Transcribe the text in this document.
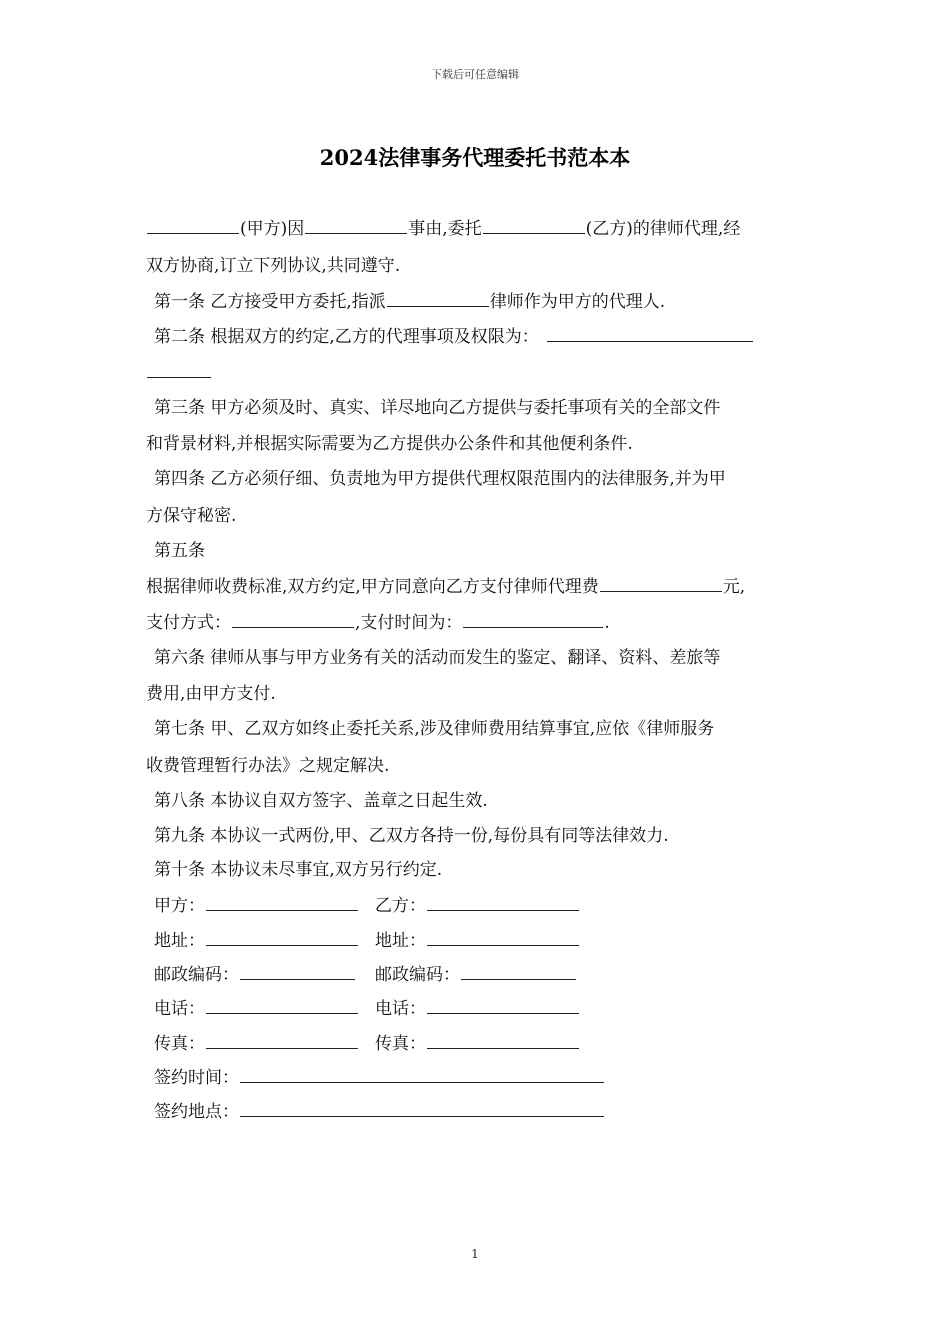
下载后可任意编辑
2024法律事务代理委托书范本本
(甲方)因	事由,委托	(乙方)的律师代理,经
双方协商,订立下列协议,共同遵守.
第一条 乙方接受甲方委托,指派	律师作为甲方的代理人.
第二条 根据双方的约定,乙方的代理事项及权限为：
第三条 甲方必须及时、真实、详尽地向乙方提供与委托事项有关的全部文件
和背景材料,并根据实际需要为乙方提供办公条件和其他便利条件.
第四条 乙方必须仔细、负责地为甲方提供代理权限范围内的法律服务,并为甲
方保守秘密.
第五条
根据律师收费标准,双方约定,甲方同意向乙方支付律师代理费	元,
支付方式：	,支付时间为：	.
第六条 律师从事与甲方业务有关的活动而发生的鉴定、翻译、资料、差旅等
费用,由甲方支付.
第七条 甲、乙双方如终止委托关系,涉及律师费用结算事宜,应依《律师服务
收费管理暂行办法》之规定解决.
第八条 本协议自双方签字、盖章之日起生效.
第九条 本协议一式两份,甲、乙双方各持一份,每份具有同等法律效力.
第十条 本协议未尽事宜,双方另行约定.
甲方：	乙方：
地址：	地址：
邮政编码：	邮政编码：
电话：	电话：
传真：	传真：
签约时间：
签约地点：
1
